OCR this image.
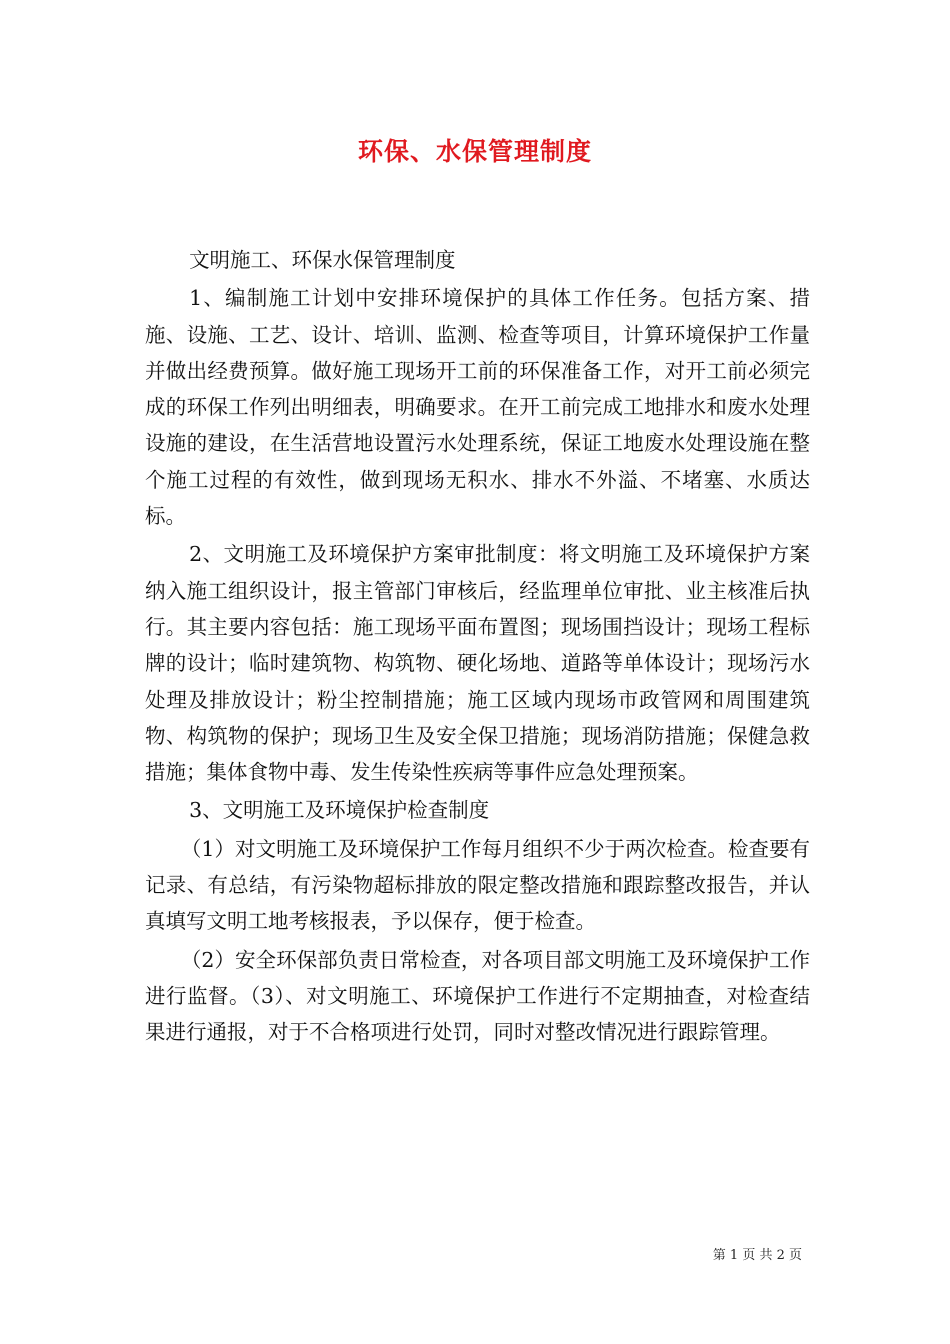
环保、水保管理制度

文明施工、环保水保管理制度

1、编制施工计划中安排环境保护的具体工作任务。包括方案、措施、设施、工艺、设计、培训、监测、检查等项目，计算环境保护工作量并做出经费预算。做好施工现场开工前的环保准备工作，对开工前必须完成的环保工作列出明细表，明确要求。在开工前完成工地排水和废水处理设施的建设，在生活营地设置污水处理系统，保证工地废水处理设施在整个施工过程的有效性，做到现场无积水、排水不外溢、不堵塞、水质达标。

2、文明施工及环境保护方案审批制度：将文明施工及环境保护方案纳入施工组织设计，报主管部门审核后，经监理单位审批、业主核准后执行。其主要内容包括：施工现场平面布置图；现场围挡设计；现场工程标牌的设计；临时建筑物、构筑物、硬化场地、道路等单体设计；现场污水处理及排放设计；粉尘控制措施；施工区域内现场市政管网和周围建筑物、构筑物的保护；现场卫生及安全保卫措施；现场消防措施；保健急救措施；集体食物中毒、发生传染性疾病等事件应急处理预案。

3、文明施工及环境保护检查制度

（1）对文明施工及环境保护工作每月组织不少于两次检查。检查要有记录、有总结，有污染物超标排放的限定整改措施和跟踪整改报告，并认真填写文明工地考核报表，予以保存，便于检查。

（2）安全环保部负责日常检查，对各项目部文明施工及环境保护工作进行监督。（3）、对文明施工、环境保护工作进行不定期抽查，对检查结果进行通报，对于不合格项进行处罚，同时对整改情况进行跟踪管理。

第 1 页 共 2 页
